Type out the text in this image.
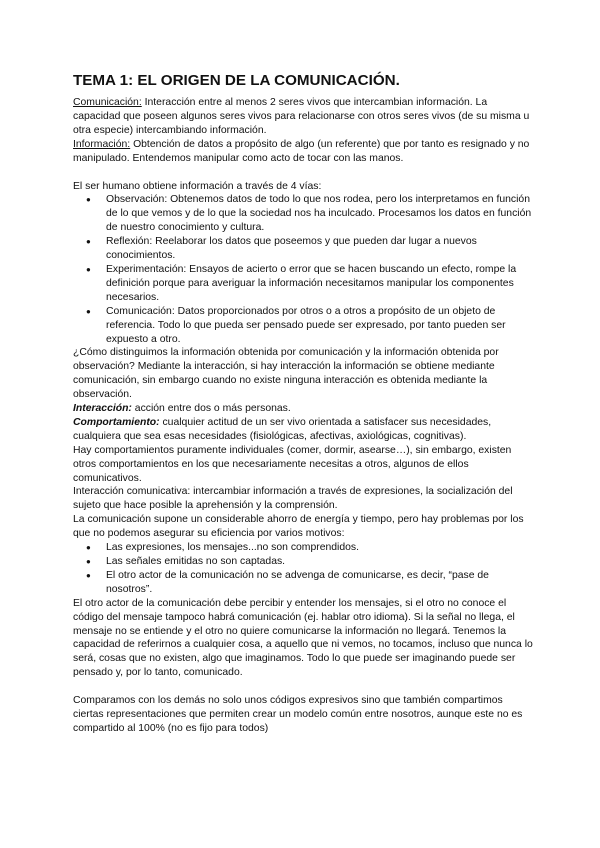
TEMA 1: EL ORIGEN DE LA COMUNICACIÓN.

Comunicación: Interacción entre al menos 2 seres vivos que intercambian información. La capacidad que poseen algunos seres vivos para relacionarse con otros seres vivos (de su misma u otra especie) intercambiando información.

Información: Obtención de datos a propósito de algo (un referente) que por tanto es resignado y no manipulado. Entendemos manipular como acto de tocar con las manos.

El ser humano obtiene información a través de 4 vías:

● Observación: Obtenemos datos de todo lo que nos rodea, pero los interpretamos en función de lo que vemos y de lo que la sociedad nos ha inculcado. Procesamos los datos en función de nuestro conocimiento y cultura.
● Reflexión: Reelaborar los datos que poseemos y que pueden dar lugar a nuevos conocimientos.
● Experimentación: Ensayos de acierto o error que se hacen buscando un efecto, rompe la definición porque para averiguar la información necesitamos manipular los componentes necesarios.
● Comunicación: Datos proporcionados por otros o a otros a propósito de un objeto de referencia. Todo lo que pueda ser pensado puede ser expresado, por tanto pueden ser expuesto a otro.

¿Cómo distinguimos la información obtenida por comunicación y la información obtenida por observación? Mediante la interacción, si hay interacción la información se obtiene mediante comunicación, sin embargo cuando no existe ninguna interacción es obtenida mediante la observación.

Interacción: acción entre dos o más personas.

Comportamiento: cualquier actitud de un ser vivo orientada a satisfacer sus necesidades, cualquiera que sea esas necesidades (fisiológicas, afectivas, axiológicas, cognitivas).

Hay comportamientos puramente individuales (comer, dormir, asearse…), sin embargo, existen otros comportamientos en los que necesariamente necesitas a otros, algunos de ellos comunicativos.

Interacción comunicativa: intercambiar información a través de expresiones, la socialización del sujeto que hace posible la aprehensión y la comprensión.

La comunicación supone un considerable ahorro de energía y tiempo, pero hay problemas por los que no podemos asegurar su eficiencia por varios motivos:

● Las expresiones, los mensajes...no son comprendidos.
● Las señales emitidas no son captadas.
● El otro actor de la comunicación no se advenga de comunicarse, es decir, “pase de nosotros”.

El otro actor de la comunicación debe percibir y entender los mensajes, si el otro no conoce el código del mensaje tampoco habrá comunicación (ej. hablar otro idioma). Si la señal no llega, el mensaje no se entiende y el otro no quiere comunicarse la información no llegará. Tenemos la capacidad de referirnos a cualquier cosa, a aquello que ni vemos, no tocamos, incluso que nunca lo será, cosas que no existen, algo que imaginamos. Todo lo que puede ser imaginando puede ser pensado y, por lo tanto, comunicado.

Comparamos con los demás no solo unos códigos expresivos sino que también compartimos ciertas representaciones que permiten crear un modelo común entre nosotros, aunque este no es compartido al 100% (no es fijo para todos)
